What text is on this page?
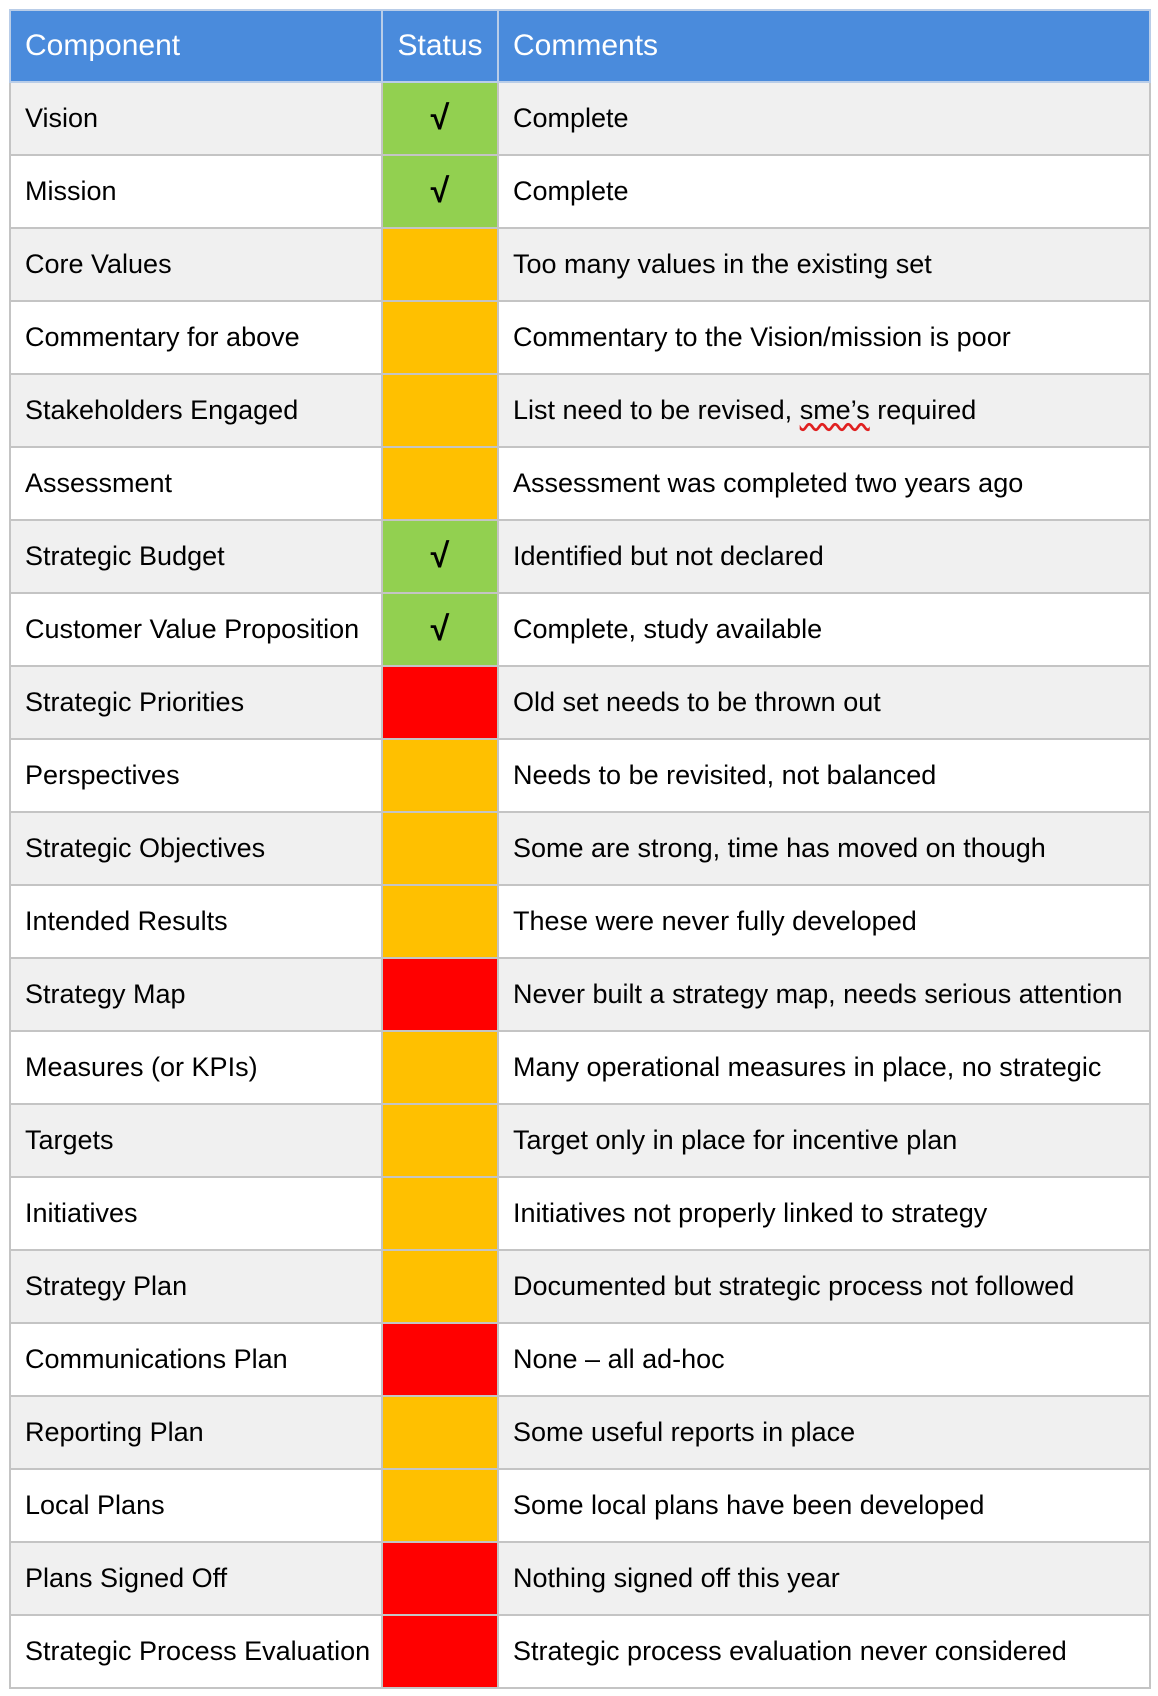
Component	Status	Comments
Vision	√	Complete
Mission	√	Complete
Core Values		Too many values in the existing set
Commentary for above		Commentary to the Vision/mission is poor
Stakeholders Engaged		List need to be revised, sme’s required
Assessment		Assessment was completed two years ago
Strategic Budget	√	Identified but not declared
Customer Value Proposition	√	Complete, study available
Strategic Priorities		Old set needs to be thrown out
Perspectives		Needs to be revisited, not balanced
Strategic Objectives		Some are strong, time has moved on though
Intended Results		These were never fully developed
Strategy Map		Never built a strategy map, needs serious attention
Measures (or KPIs)		Many operational measures in place, no strategic
Targets		Target only in place for incentive plan
Initiatives		Initiatives not properly linked to strategy
Strategy Plan		Documented but strategic process not followed
Communications Plan		None – all ad-hoc
Reporting Plan		Some useful reports in place
Local Plans		Some local plans have been developed
Plans Signed Off		Nothing signed off this year
Strategic Process Evaluation		Strategic process evaluation never considered
